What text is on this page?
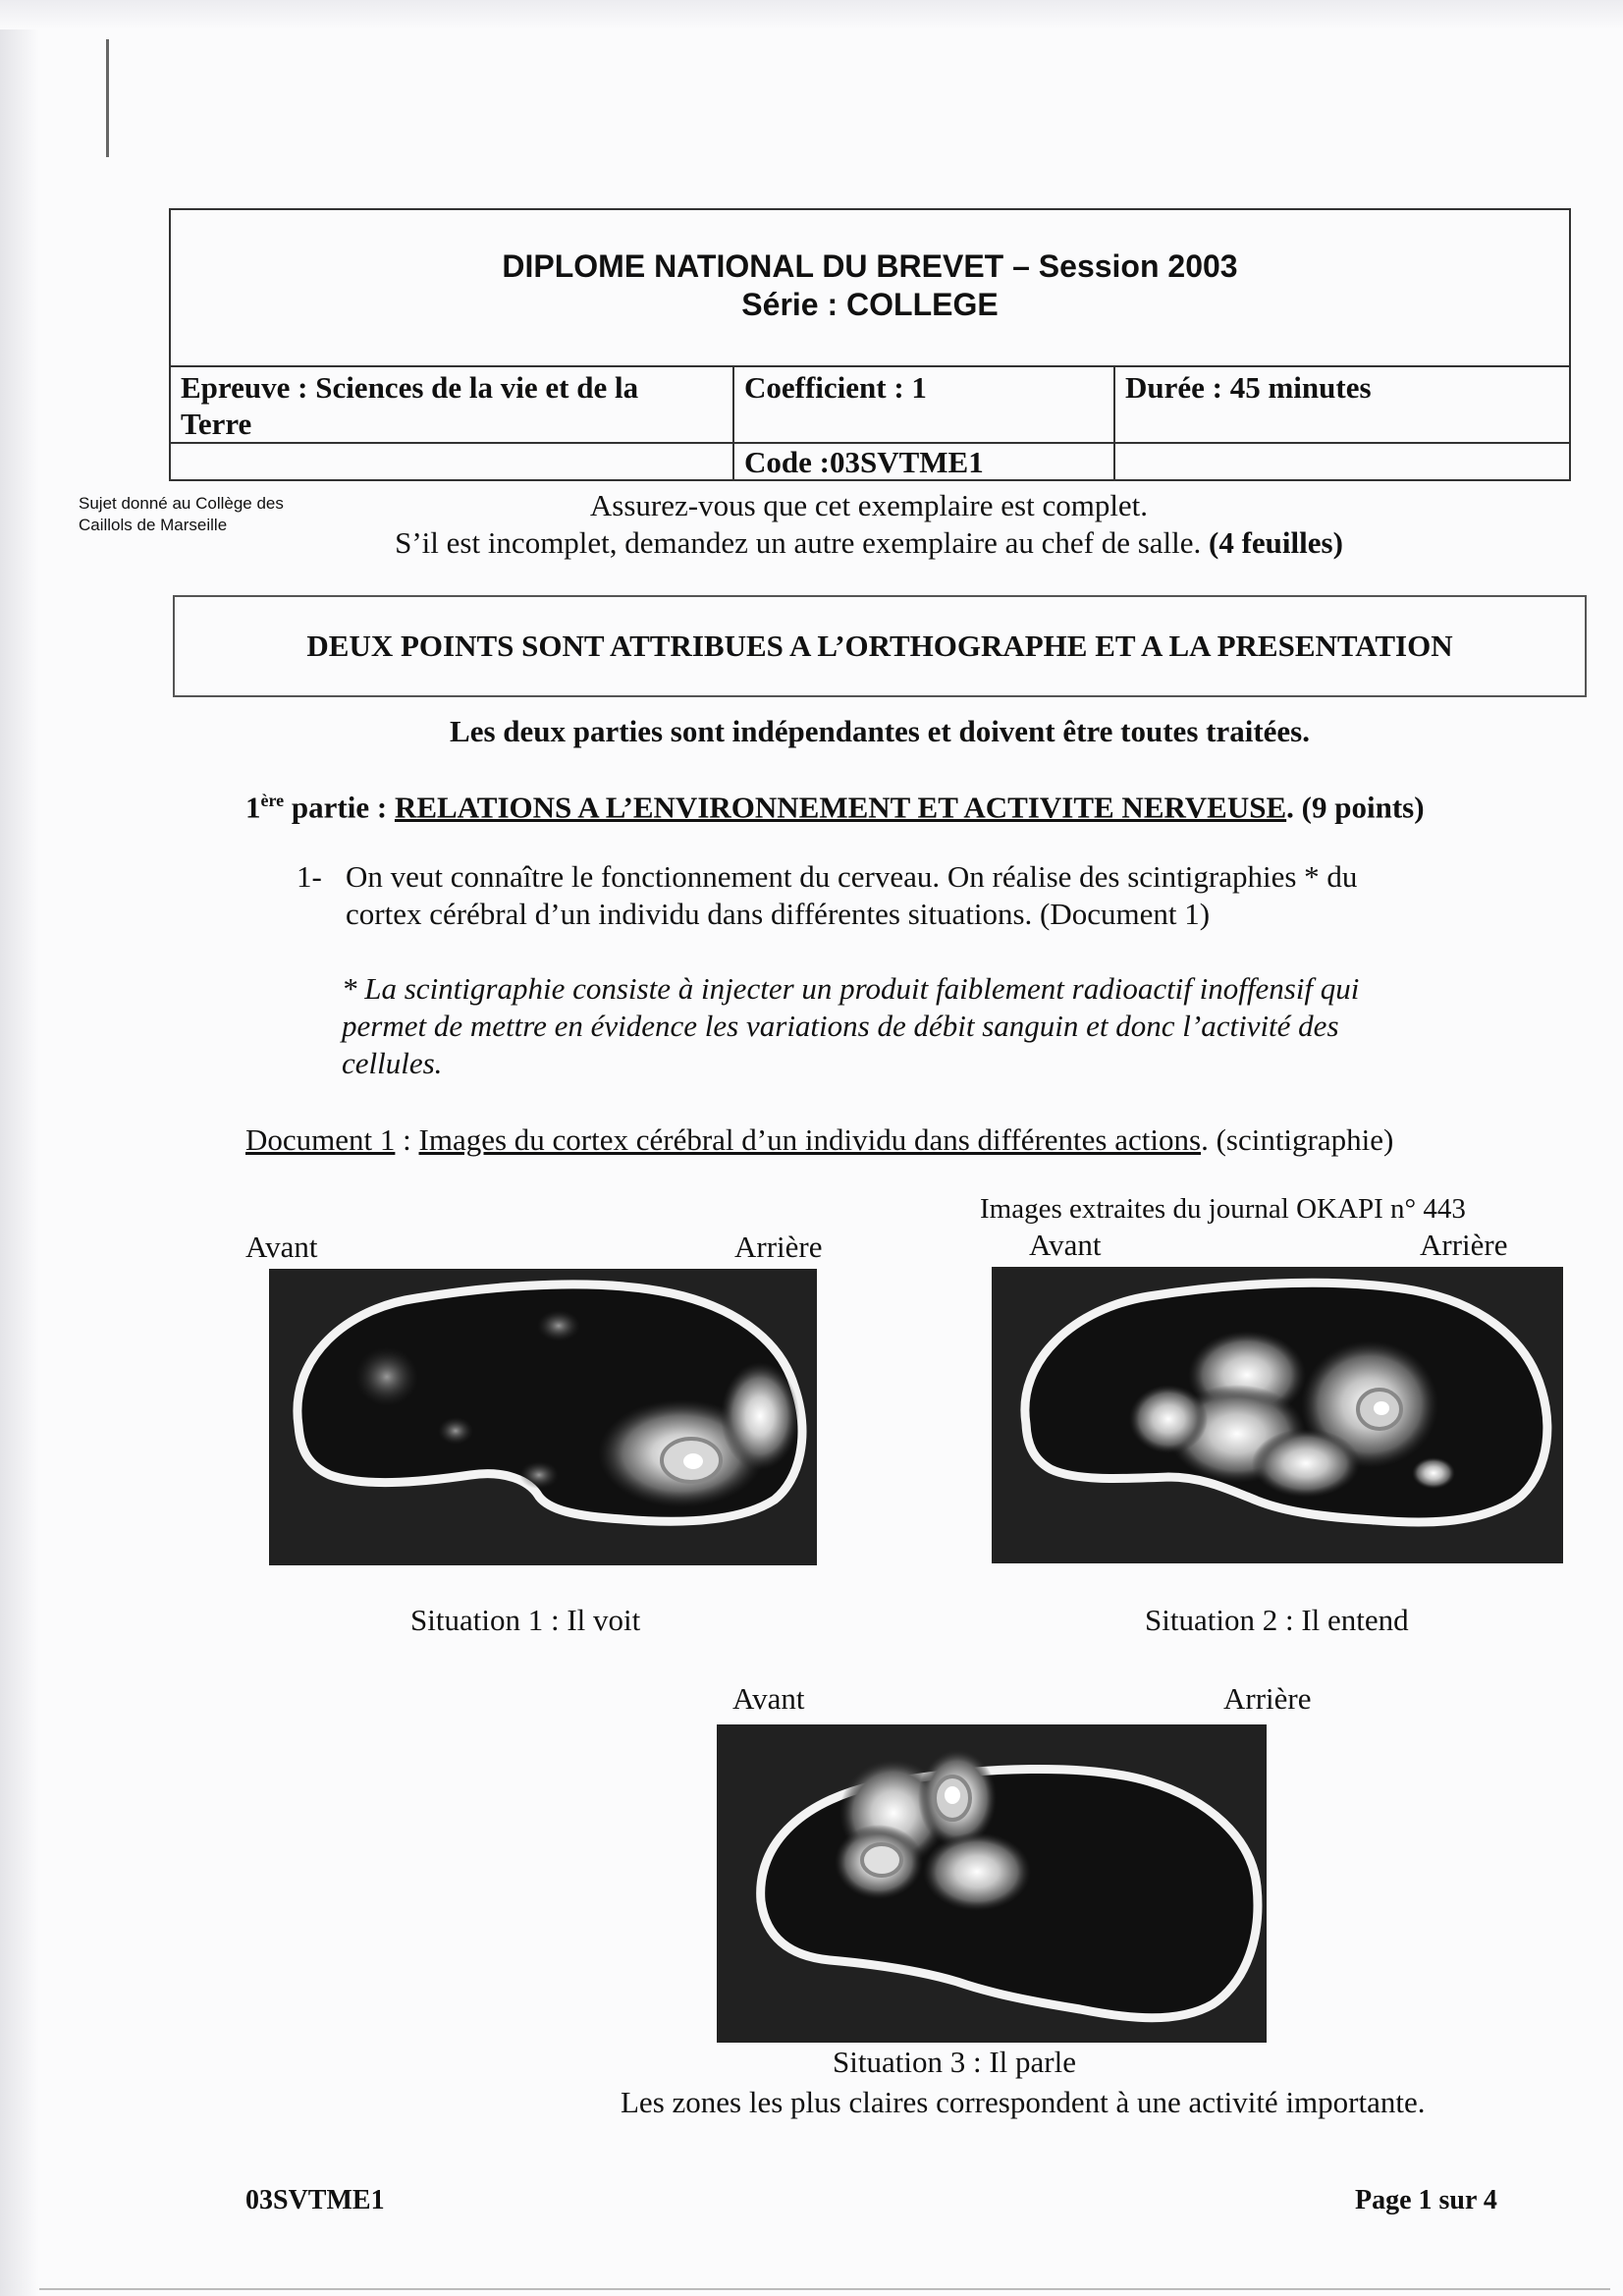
DIPLOME NATIONAL DU BREVET – Session 2003
Série : COLLEGE
Epreuve : Sciences de la vie et de la
Terre
Coefficient : 1	Durée : 45 minutes
Code :03SVTME1
Sujet donné au Collège des
Caillols de Marseille
Assurez-vous que cet exemplaire est complet.
S’il est incomplet, demandez un autre exemplaire au chef de salle. (4 feuilles)
DEUX POINTS SONT ATTRIBUES A L’ORTHOGRAPHE ET A LA PRESENTATION
Les deux parties sont indépendantes et doivent être toutes traitées.
1ère partie : RELATIONS A L’ENVIRONNEMENT ET ACTIVITE NERVEUSE. (9 points)
1- On veut connaître le fonctionnement du cerveau. On réalise des scintigraphies * du
cortex cérébral d’un individu dans différentes situations. (Document 1)
* La scintigraphie consiste à injecter un produit faiblement radioactif inoffensif qui
permet de mettre en évidence les variations de débit sanguin et donc l’activité des
cellules.
Document 1 : Images du cortex cérébral d’un individu dans différentes actions. (scintigraphie)
Images extraites du journal OKAPI n° 443
Avant	Arrière
Situation 1 : Il voit
Avant	Arrière
Situation 2 : Il entend
Avant	Arrière
Situation 3 : Il parle
Les zones les plus claires correspondent à une activité importante.
03SVTME1	Page 1 sur 4
